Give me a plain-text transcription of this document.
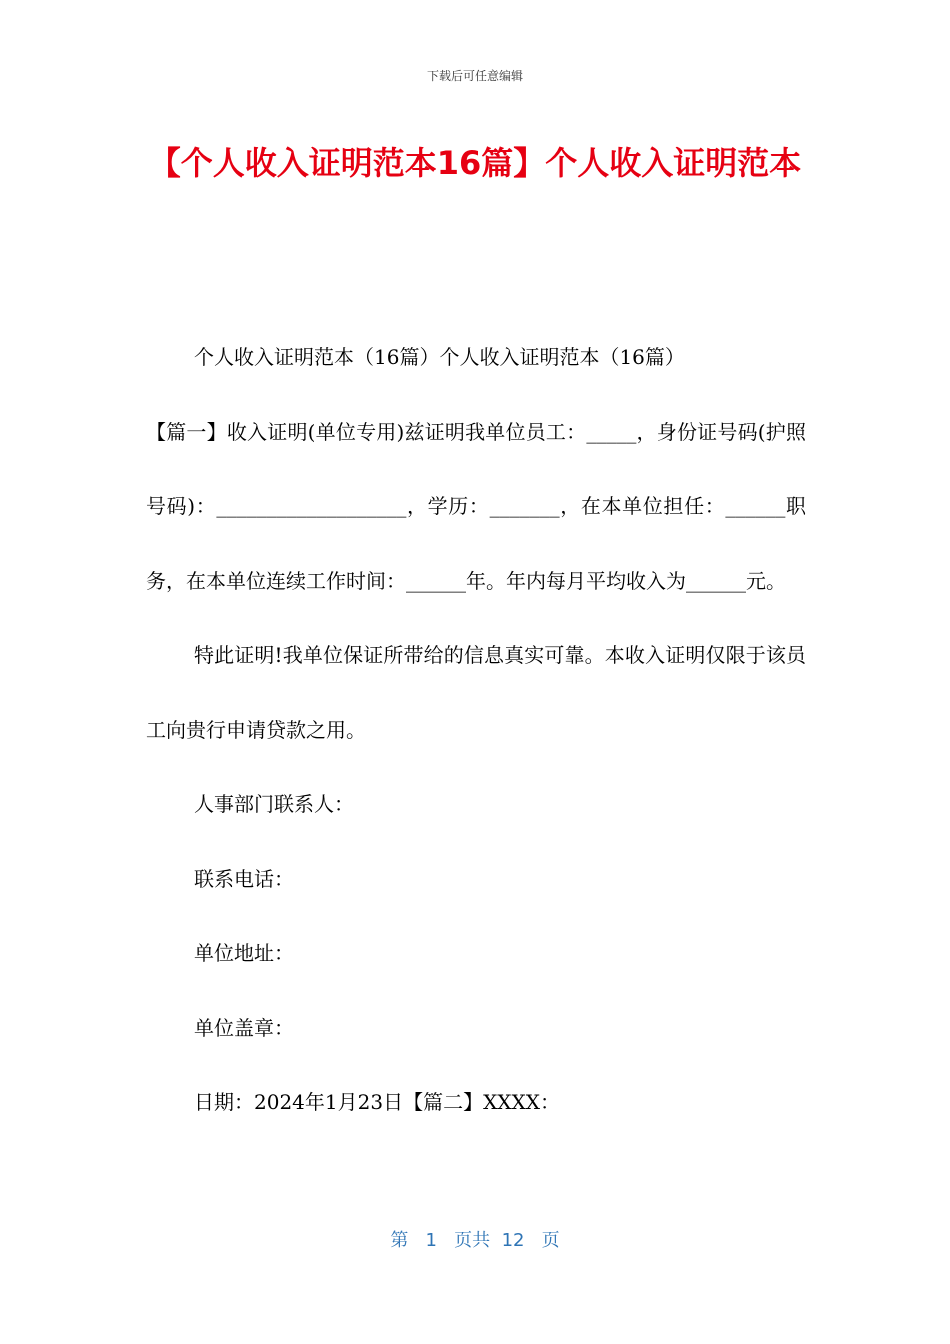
下载后可任意编辑
【个人收入证明范本16篇】个人收入证明范本

个人收入证明范本（16篇）个人收入证明范本（16篇）

【篇一】收入证明(单位专用)兹证明我单位员工：_____，身份证号码(护照号码)：___________________，学历：_______，在本单位担任：______职务，在本单位连续工作时间：______年。年内每月平均收入为______元。

特此证明!我单位保证所带给的信息真实可靠。本收入证明仅限于该员工向贵行申请贷款之用。

人事部门联系人：

联系电话：

单位地址：

单位盖章：

日期：2024年1月23日【篇二】XXXX：

第 1 页共 12 页
